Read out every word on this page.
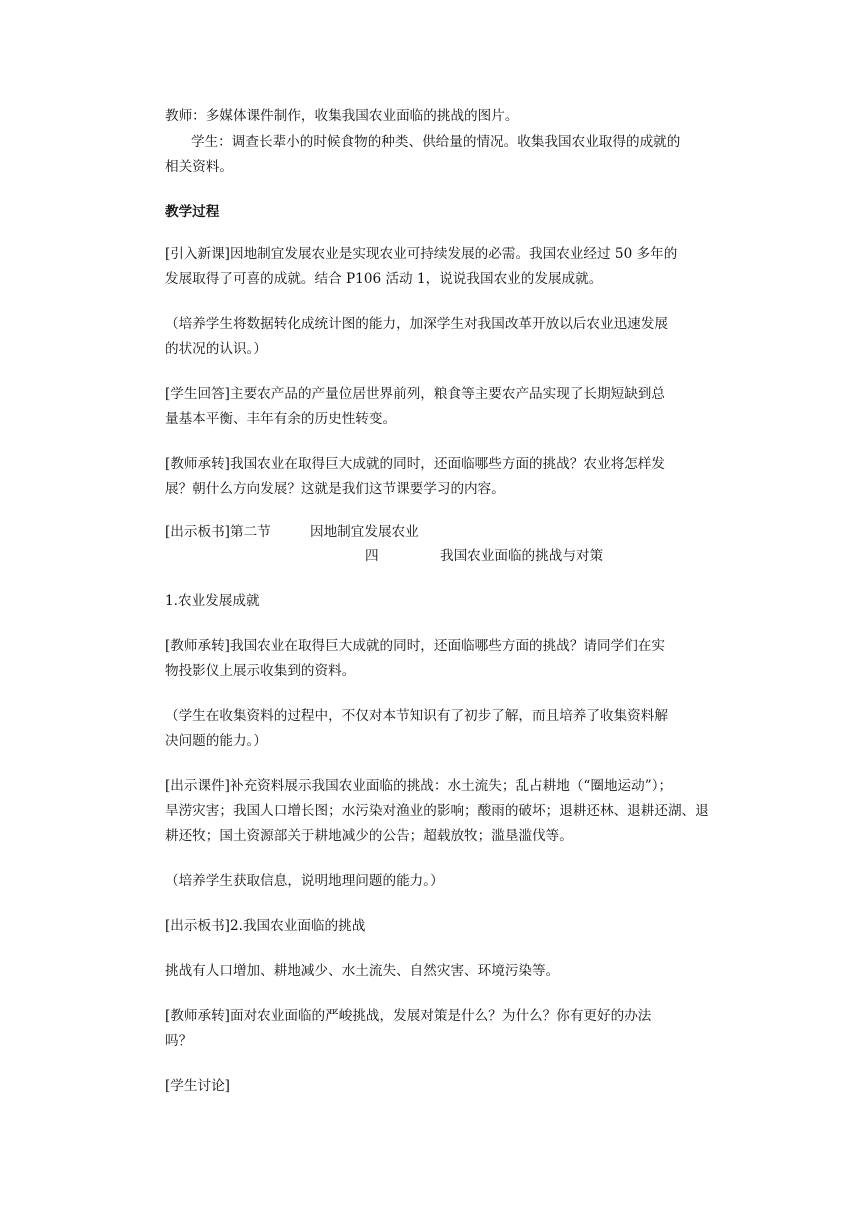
教师：多媒体课件制作，收集我国农业面临的挑战的图片。
学生：调查长辈小的时候食物的种类、供给量的情况。收集我国农业取得的成就的
相关资料。
教学过程
[引入新课]因地制宜发展农业是实现农业可持续发展的必需。我国农业经过 50 多年的
发展取得了可喜的成就。结合 P106 活动 1，说说我国农业的发展成就。
（培养学生将数据转化成统计图的能力，加深学生对我国改革开放以后农业迅速发展
的状况的认识。）
[学生回答]主要农产品的产量位居世界前列，粮食等主要农产品实现了长期短缺到总
量基本平衡、丰年有余的历史性转变。
[教师承转]我国农业在取得巨大成就的同时，还面临哪些方面的挑战？农业将怎样发
展？朝什么方向发展？这就是我们这节课要学习的内容。
[出示板书]第二节	因地制宜发展农业
四	我国农业面临的挑战与对策
1.农业发展成就
[教师承转]我国农业在取得巨大成就的同时，还面临哪些方面的挑战？请同学们在实
物投影仪上展示收集到的资料。
（学生在收集资料的过程中，不仅对本节知识有了初步了解，而且培养了收集资料解
决问题的能力。）
[出示课件]补充资料展示我国农业面临的挑战：水土流失；乱占耕地（“圈地运动”）；
旱涝灾害；我国人口增长图；水污染对渔业的影响；酸雨的破坏；退耕还林、退耕还湖、退
耕还牧；国土资源部关于耕地减少的公告；超载放牧；滥垦滥伐等。
（培养学生获取信息，说明地理问题的能力。）
[出示板书]2.我国农业面临的挑战
挑战有人口增加、耕地减少、水土流失、自然灾害、环境污染等。
[教师承转]面对农业面临的严峻挑战，发展对策是什么？为什么？你有更好的办法
吗？
[学生讨论]
